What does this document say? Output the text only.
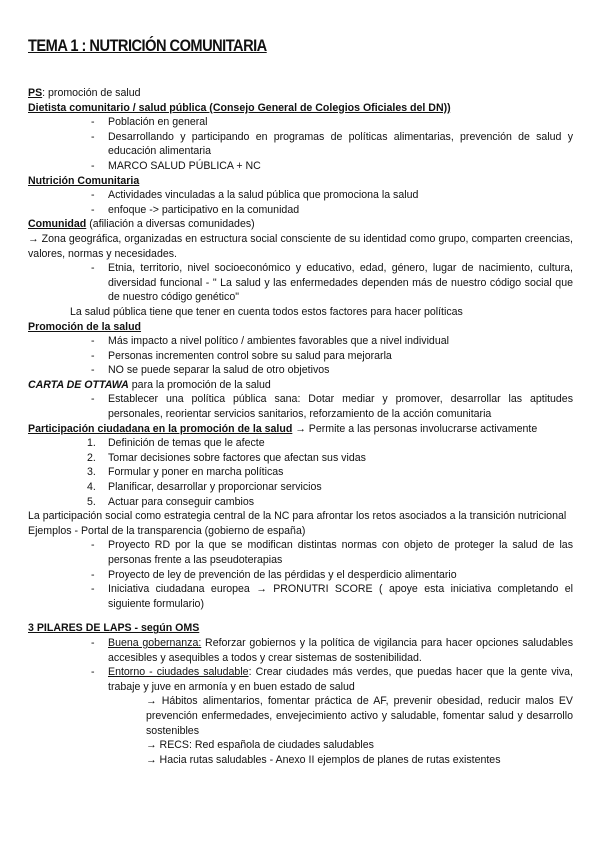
TEMA 1 : NUTRICIÓN COMUNITARIA
PS: promoción de salud
Dietista comunitario / salud pública (Consejo General de Colegios Oficiales del DN))
- Población en general
- Desarrollando y participando en programas de políticas alimentarias, prevención de salud y educación alimentaria
- MARCO SALUD PÚBLICA + NC
Nutrición Comunitaria
- Actividades vinculadas a la salud pública que promociona la salud
- enfoque -> participativo en la comunidad
Comunidad (afiliación a diversas comunidades)
→ Zona geográfica, organizadas en estructura social consciente de su identidad como grupo, comparten creencias, valores, normas y necesidades.
- Etnia, territorio, nivel socioeconómico y educativo, edad, género, lugar de nacimiento, cultura, diversidad funcional - " La salud y las enfermedades dependen más de nuestro código social que de nuestro código genético"
La salud pública tiene que tener en cuenta todos estos factores para hacer políticas
Promoción de la salud
- Más impacto a nivel político / ambientes favorables que a nivel individual
- Personas incrementen control sobre su salud para mejorarla
- NO se puede separar la salud de otro objetivos
CARTA DE OTTAWA para la promoción de la salud
- Establecer una política pública sana: Dotar mediar y promover, desarrollar las aptitudes personales, reorientar servicios sanitarios, reforzamiento de la acción comunitaria
Participación ciudadana en la promoción de la salud → Permite a las personas involucrarse activamente
1. Definición de temas que le afecte
2. Tomar decisiones sobre factores que afectan sus vidas
3. Formular y poner en marcha políticas
4. Planificar, desarrollar y proporcionar servicios
5. Actuar para conseguir cambios
La participación social como estrategia central de la NC para afrontar los retos asociados a la transición nutricional
Ejemplos - Portal de la transparencia (gobierno de españa)
- Proyecto RD por la que se modifican distintas normas con objeto de proteger la salud de las personas frente a las pseudoterapias
- Proyecto de ley de prevención de las pérdidas y el desperdicio alimentario
- Iniciativa ciudadana europea → PRONUTRI SCORE ( apoye esta iniciativa completando el siguiente formulario)
3 PILARES DE LAPS - según OMS
- Buena gobernanza: Reforzar gobiernos y la política de vigilancia para hacer opciones saludables accesibles y asequibles a todos y crear sistemas de sostenibilidad.
- Entorno - ciudades saludable: Crear ciudades más verdes, que puedas hacer que la gente viva, trabaje y juve en armonía y en buen estado de salud
→ Hábitos alimentarios, fomentar práctica de AF, prevenir obesidad, reducir malos EV prevención enfermedades, envejecimiento activo y saludable, fomentar salud y desarrollo sostenibles
→ RECS: Red española de ciudades saludables
→ Hacia rutas saludables - Anexo II ejemplos de planes de rutas existentes
